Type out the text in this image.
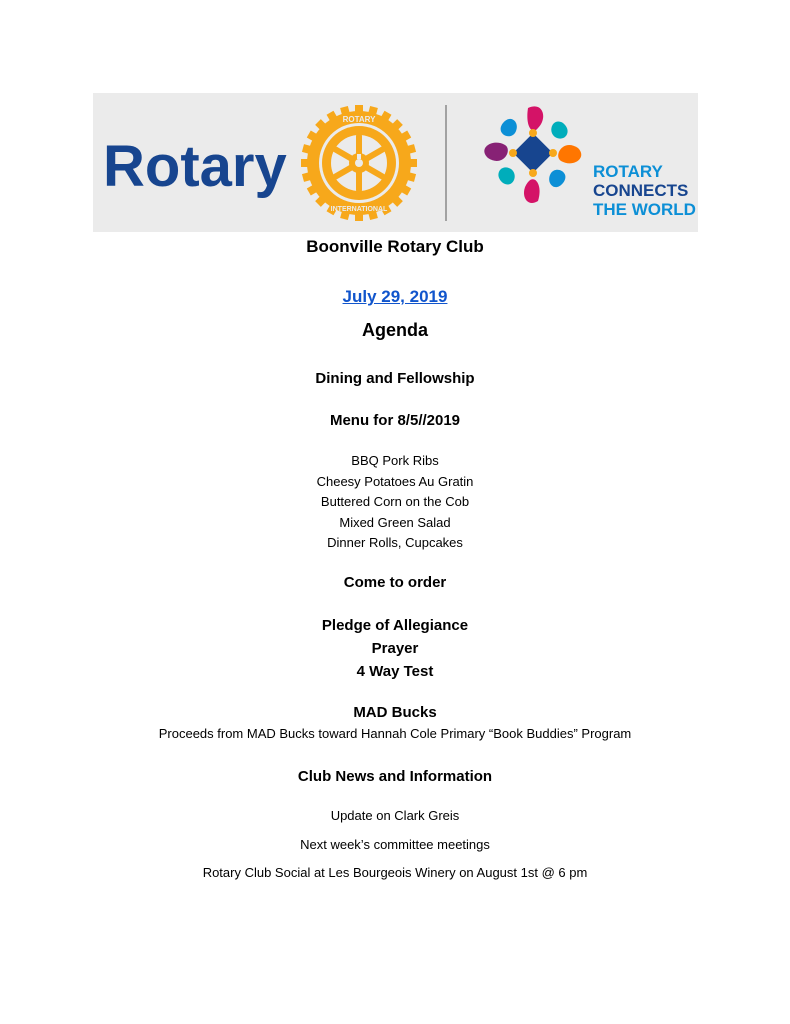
Rotary
ROTARY
INTERNATIONAL
ROTARY
CONNECTS
THE WORLD
Boonville Rotary Club
July 29, 2019
Agenda
Dining and Fellowship
Menu for 8/5//2019
BBQ Pork Ribs
Cheesy Potatoes Au Gratin
Buttered Corn on the Cob
Mixed Green Salad
Dinner Rolls, Cupcakes
Come to order
Pledge of Allegiance
Prayer
4 Way Test
MAD Bucks
Proceeds from MAD Bucks toward Hannah Cole Primary “Book Buddies” Program
Club News and Information
Update on Clark Greis
Next week’s committee meetings
Rotary Club Social at Les Bourgeois Winery on August 1st @ 6 pm
